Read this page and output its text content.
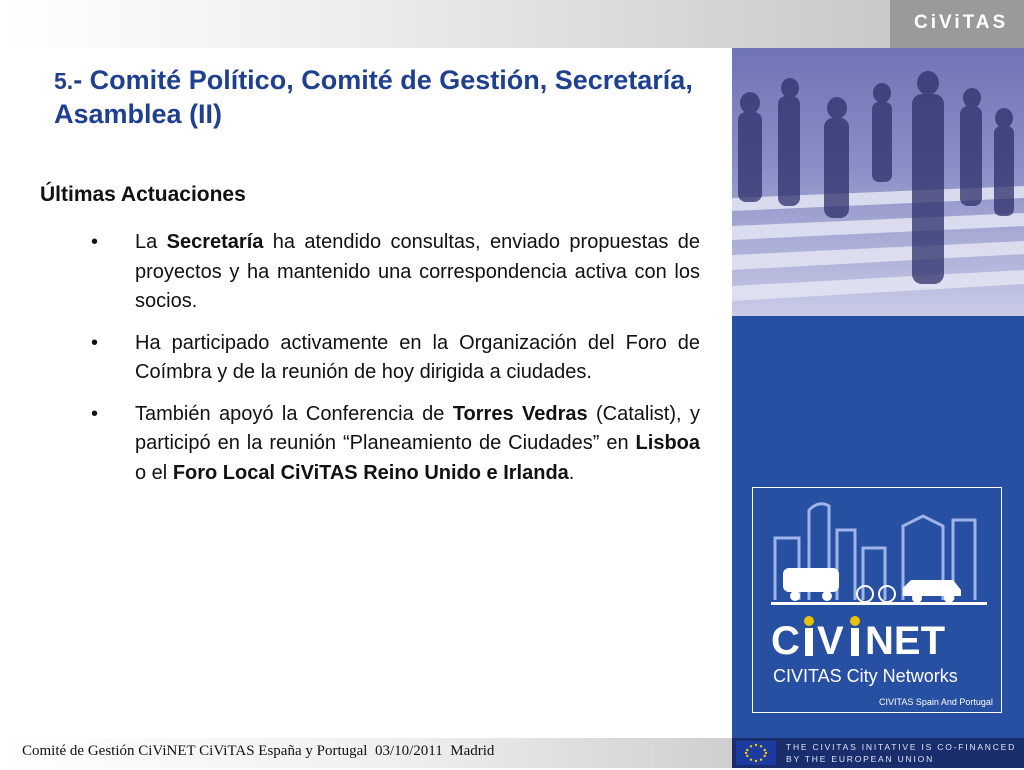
CiViTAS
5.- Comité Político, Comité de Gestión, Secretaría, Asamblea (II)
Últimas Actuaciones
• La Secretaría ha atendido consultas, enviado propuestas de proyectos y ha mantenido una correspondencia activa con los socios.
• Ha participado activamente en la Organización del Foro de Coímbra y de la reunión de hoy dirigida a ciudades.
• También apoyó la Conferencia de Torres Vedras (Catalist), y participó en la reunión “Planeamiento de Ciudades” en Lisboa o el Foro Local CiViTAS Reino Unido e Irlanda.
C V NET
CIVITAS City Networks
CIVITAS Spain And Portugal
Comité de Gestión CiViNET CiViTAS España y Portugal  03/10/2011  Madrid	THE CIVITAS INITATIVE IS CO-FINANCED
BY THE EUROPEAN UNION
